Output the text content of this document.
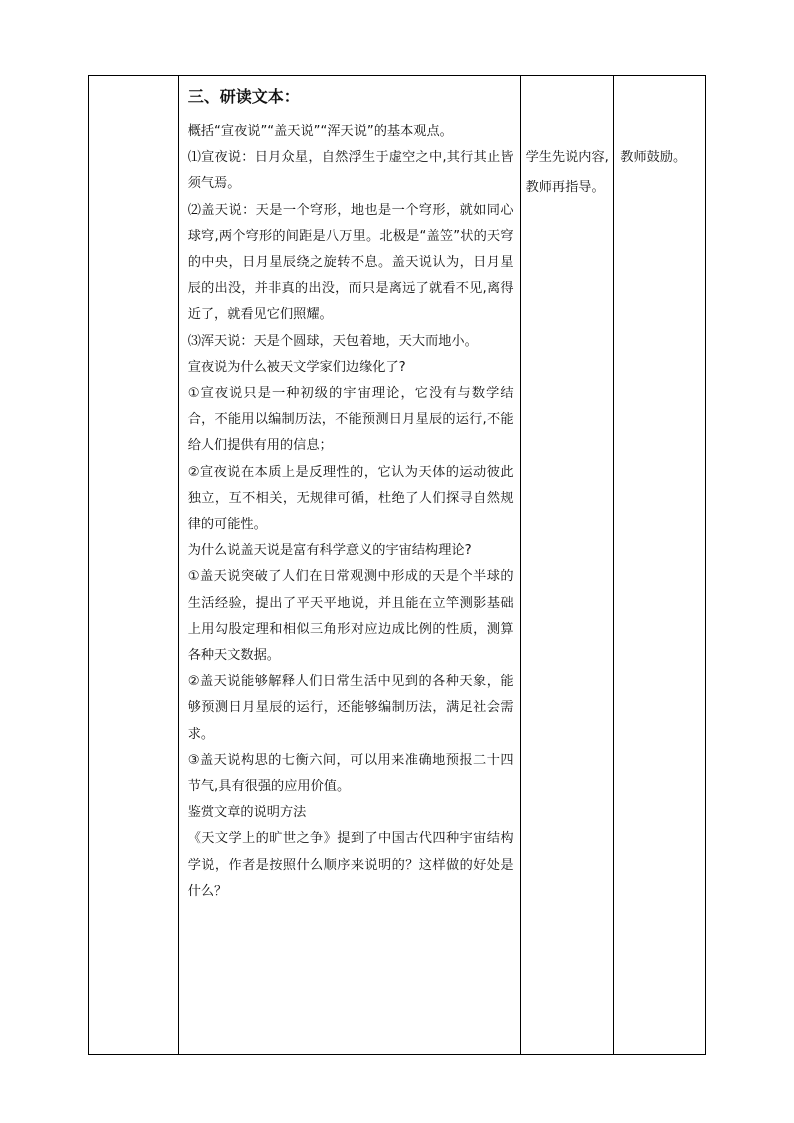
三、研读文本：

概括“宣夜说”“盖天说”“浑天说”的基本观点。

⑴宣夜说：日月众星，自然浮生于虚空之中,其行其止皆须气焉。

⑵盖天说：天是一个穹形，地也是一个穹形，就如同心球穹,两个穹形的间距是八万里。北极是“盖笠”状的天穹的中央，日月星辰绕之旋转不息。盖天说认为，日月星辰的出没，并非真的出没，而只是离远了就看不见,离得近了，就看见它们照耀。

⑶浑天说：天是个圆球，天包着地，天大而地小。

宣夜说为什么被天文学家们边缘化了?

①宣夜说只是一种初级的宇宙理论，它没有与数学结合，不能用以编制历法，不能预测日月星辰的运行,不能给人们提供有用的信息；

②宣夜说在本质上是反理性的，它认为天体的运动彼此独立，互不相关，无规律可循，杜绝了人们探寻自然规律的可能性。

为什么说盖天说是富有科学意义的宇宙结构理论?

①盖天说突破了人们在日常观测中形成的天是个半球的生活经验，提出了平天平地说，并且能在立竿测影基础上用勾股定理和相似三角形对应边成比例的性质，测算各种天文数据。

②盖天说能够解释人们日常生活中见到的各种天象，能够预测日月星辰的运行，还能够编制历法，满足社会需求。

③盖天说构思的七衡六间，可以用来准确地预报二十四节气,具有很强的应用价值。

鉴赏文章的说明方法

《天文学上的旷世之争》提到了中国古代四种宇宙结构学说，作者是按照什么顺序来说明的？这样做的好处是什么？

学生先说内容,教师再指导。

教师鼓励。
